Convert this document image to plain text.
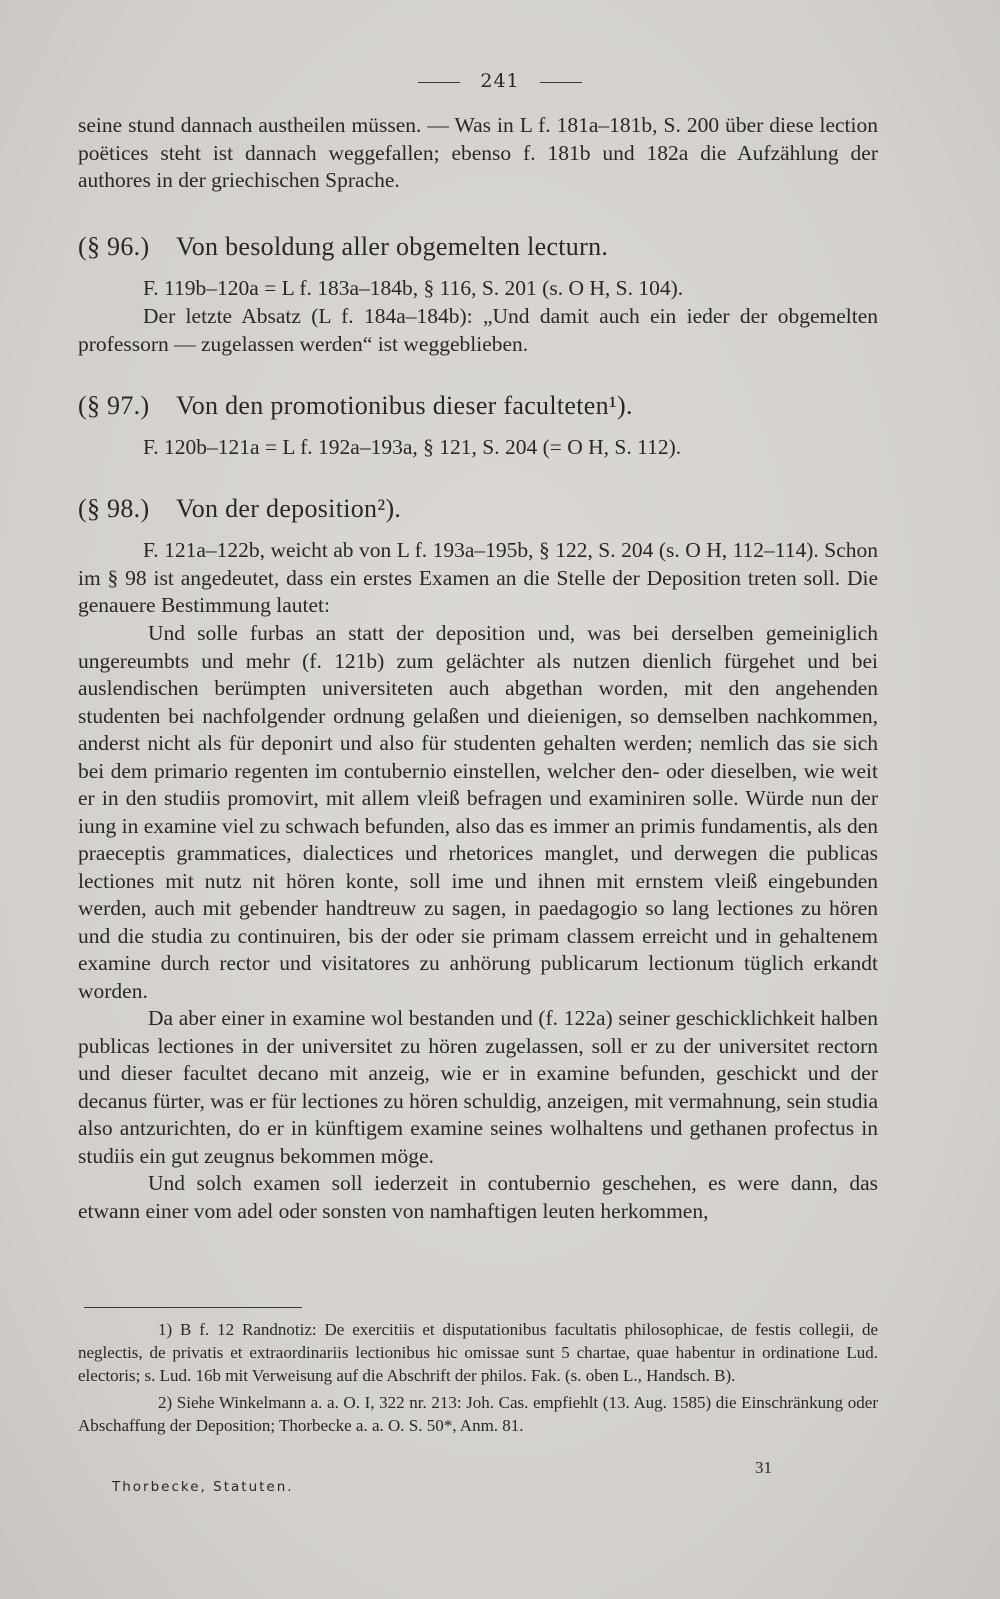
241
seine stund dannach austheilen müssen. — Was in L f. 181a–181b, S. 200 über diese lection poëtices steht ist dannach weggefallen; ebenso f. 181b und 182a die Aufzählung der authores in der griechischen Sprache.
(§ 96.) Von besoldung aller obgemelten lecturn.
F. 119b–120a = L f. 183a–184b, § 116, S. 201 (s. O H, S. 104).
Der letzte Absatz (L f. 184a–184b): „Und damit auch ein ieder der obgemelten professorn — zugelassen werden“ ist weggeblieben.
(§ 97.) Von den promotionibus dieser faculteten¹).
F. 120b–121a = L f. 192a–193a, § 121, S. 204 (= O H, S. 112).
(§ 98.) Von der deposition²).
F. 121a–122b, weicht ab von L f. 193a–195b, § 122, S. 204 (s. O H, 112–114). Schon im § 98 ist angedeutet, dass ein erstes Examen an die Stelle der Deposition treten soll. Die genauere Bestimmung lautet:

Und solle furbas an statt der deposition und, was bei derselben gemeiniglich ungereumbts und mehr (f. 121b) zum gelächter als nutzen dienlich fürgehet und bei auslendischen berümpten universiteten auch abgethan worden, mit den angehenden studenten bei nachfolgender ordnung gelaßen und dieienigen, so demselben nachkommen, anderst nicht als für deponirt und also für studenten gehalten werden; nemlich das sie sich bei dem primario regenten im contubernio einstellen, welcher den- oder dieselben, wie weit er in den studiis promovirt, mit allem vleiß befragen und examiniren solle. Würde nun der iung in examine viel zu schwach befunden, also das es immer an primis fundamentis, als den praeceptis grammatices, dialectices und rhetorices manglet, und derwegen die publicas lectiones mit nutz nit hören konte, soll ime und ihnen mit ernstem vleiß eingebunden werden, auch mit gebender handtreuw zu sagen, in paedagogio so lang lectiones zu hören und die studia zu continuiren, bis der oder sie primam classem erreicht und in gehaltenem examine durch rector und visitatores zu anhörung publicarum lectionum tüglich erkandt worden.

Da aber einer in examine wol bestanden und (f. 122a) seiner geschicklichkeit halben publicas lectiones in der universitet zu hören zugelassen, soll er zu der universitet rectorn und dieser facultet decano mit anzeig, wie er in examine befunden, geschickt und der decanus fürter, was er für lectiones zu hören schuldig, anzeigen, mit vermahnung, sein studia also antzurichten, do er in künftigem examine seines wolhaltens und gethanen profectus in studiis ein gut zeugnus bekommen möge.

Und solch examen soll iederzeit in contubernio geschehen, es were dann, das etwann einer vom adel oder sonsten von namhaftigen leuten herkommen,

1) B f. 12 Randnotiz: De exercitiis et disputationibus facultatis philosophicae, de festis collegii, de neglectis, de privatis et extraordinariis lectionibus hic omissae sunt 5 chartae, quae habentur in ordinatione Lud. electoris; s. Lud. 16b mit Verweisung auf die Abschrift der philos. Fak. (s. oben L., Handsch. B).

2) Siehe Winkelmann a. a. O. I, 322 nr. 213: Joh. Cas. empfiehlt (13. Aug. 1585) die Einschränkung oder Abschaffung der Deposition; Thorbecke a. a. O. S. 50*, Anm. 81.

Thorbecke, Statuten.
31
